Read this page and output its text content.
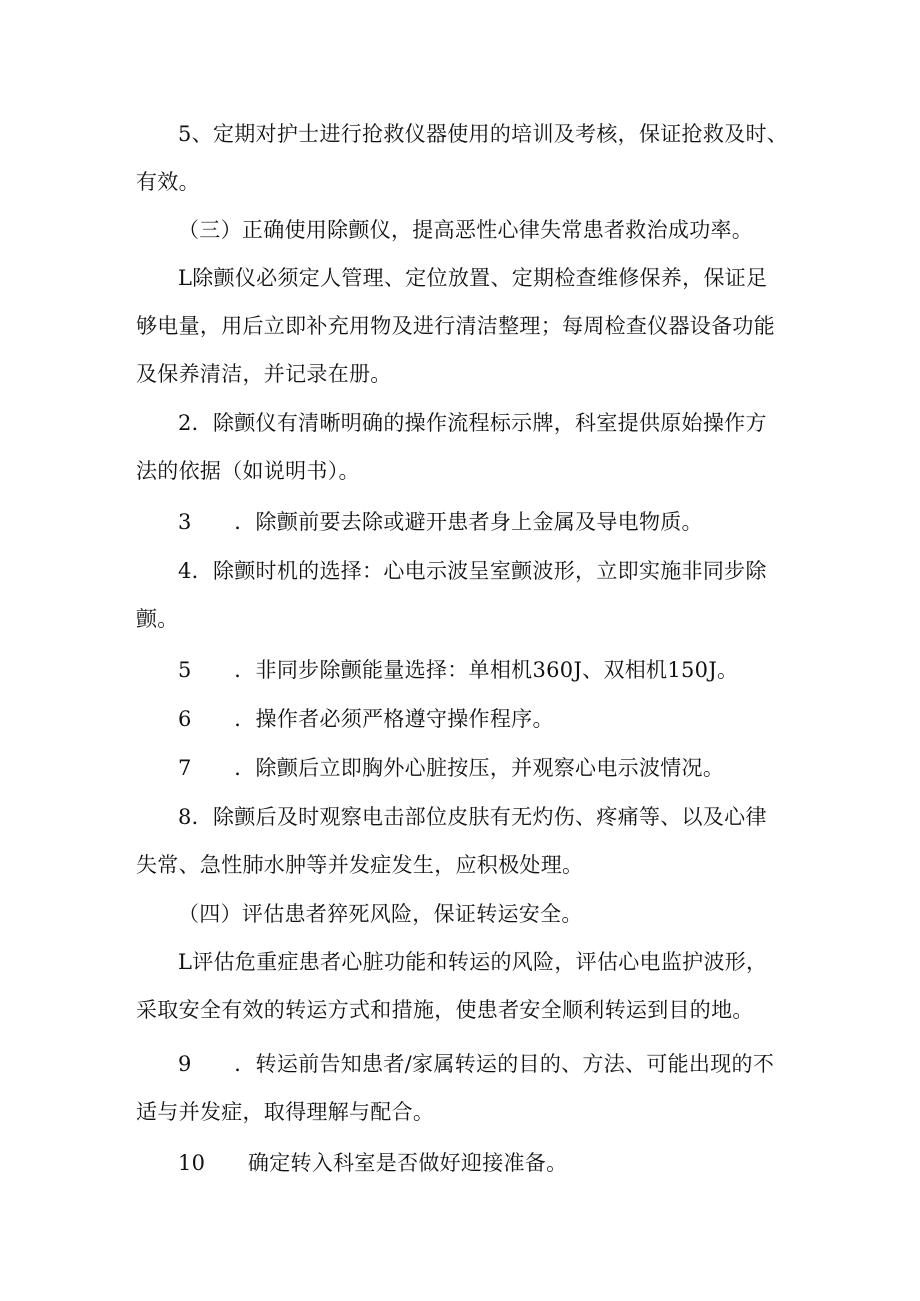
5、定期对护士进行抢救仪器使用的培训及考核，保证抢救及时、
有效。
（三）正确使用除颤仪，提高恶性心律失常患者救治成功率。
L除颤仪必须定人管理、定位放置、定期检查维修保养，保证足
够电量，用后立即补充用物及进行清洁整理；每周检查仪器设备功能
及保养清洁，并记录在册。
2．除颤仪有清晰明确的操作流程标示牌，科室提供原始操作方
法的依据（如说明书）。
3　　．除颤前要去除或避开患者身上金属及导电物质。
4．除颤时机的选择：心电示波呈室颤波形，立即实施非同步除
颤。
5　　．非同步除颤能量选择：单相机360J、双相机150J。
6　　．操作者必须严格遵守操作程序。
7　　．除颤后立即胸外心脏按压，并观察心电示波情况。
8．除颤后及时观察电击部位皮肤有无灼伤、疼痛等、以及心律
失常、急性肺水肿等并发症发生，应积极处理。
（四）评估患者猝死风险，保证转运安全。
L评估危重症患者心脏功能和转运的风险，评估心电监护波形，
采取安全有效的转运方式和措施，使患者安全顺利转运到目的地。
9　　．转运前告知患者/家属转运的目的、方法、可能出现的不
适与并发症，取得理解与配合。
10　　确定转入科室是否做好迎接准备。
